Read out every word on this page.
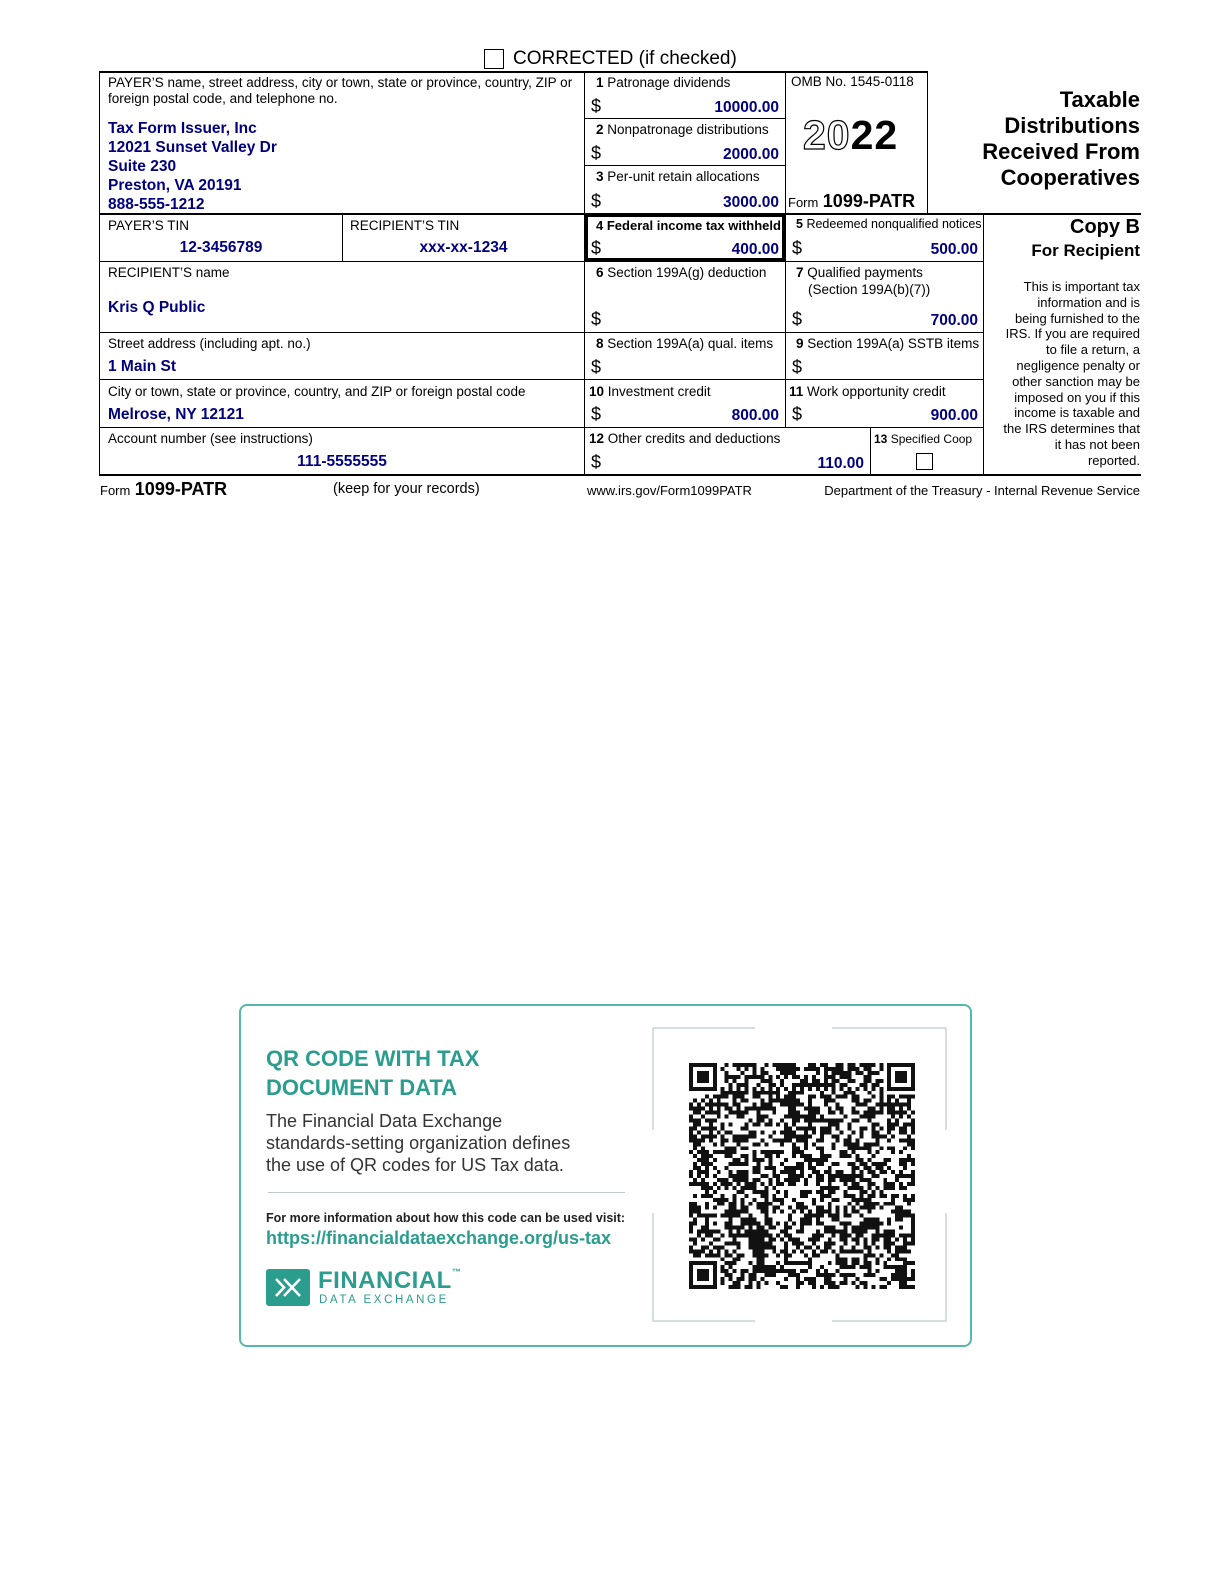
CORRECTED (if checked)
PAYER’S name, street address, city or town, state or province, country, ZIP or foreign postal code, and telephone no.
Tax Form Issuer, Inc
12021 Sunset Valley Dr
Suite 230
Preston, VA 20191
888-555-1212
1 Patronage dividends
$	10000.00
2 Nonpatronage distributions
$	2000.00
3 Per-unit retain allocations
$	3000.00
OMB No. 1545-0118
2022
Form 1099-PATR
Taxable
Distributions
Received From
Cooperatives
PAYER’S TIN
12-3456789
RECIPIENT’S TIN
xxx-xx-1234
4 Federal income tax withheld
$	400.00
5 Redeemed nonqualified notices
$	500.00
Copy B
For Recipient
RECIPIENT’S name
Kris Q Public
6 Section 199A(g) deduction
$
7 Qualified payments
(Section 199A(b)(7))
$	700.00
Street address (including apt. no.)
1 Main St
8 Section 199A(a) qual. items
$
9 Section 199A(a) SSTB items
$
City or town, state or province, country, and ZIP or foreign postal code
Melrose, NY 12121
10 Investment credit
$	800.00
11 Work opportunity credit
$	900.00
Account number (see instructions)
111-5555555
12 Other credits and deductions
$	110.00
13 Specified Coop
This is important tax
information and is
being furnished to the
IRS. If you are required
to file a return, a
negligence penalty or
other sanction may be
imposed on you if this
income is taxable and
the IRS determines that
it has not been
reported.
Form 1099-PATR	(keep for your records)	www.irs.gov/Form1099PATR	Department of the Treasury - Internal Revenue Service
QR CODE WITH TAX
DOCUMENT DATA
The Financial Data Exchange
standards-setting organization defines
the use of QR codes for US Tax data.
For more information about how this code can be used visit:
https://financialdataexchange.org/us-tax
FINANCIAL™
DATA EXCHANGE
